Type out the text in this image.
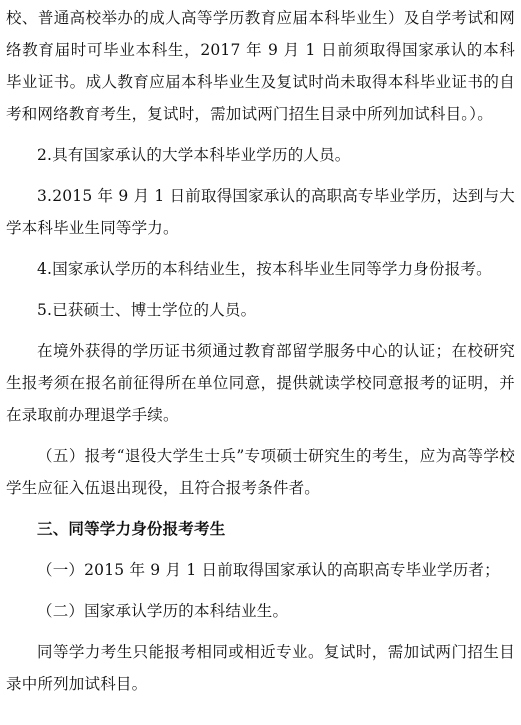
校、普通高校举办的成人高等学历教育应届本科毕业生）及自学考试和网络教育届时可毕业本科生，2017 年 9 月 1 日前须取得国家承认的本科毕业证书。成人教育应届本科毕业生及复试时尚未取得本科毕业证书的自考和网络教育考生，复试时，需加试两门招生目录中所列加试科目。）。

2.具有国家承认的大学本科毕业学历的人员。

3.2015 年 9 月 1 日前取得国家承认的高职高专毕业学历，达到与大学本科毕业生同等学力。

4.国家承认学历的本科结业生，按本科毕业生同等学力身份报考。

5.已获硕士、博士学位的人员。

在境外获得的学历证书须通过教育部留学服务中心的认证；在校研究生报考须在报名前征得所在单位同意，提供就读学校同意报考的证明，并在录取前办理退学手续。

（五）报考“退役大学生士兵”专项硕士研究生的考生，应为高等学校学生应征入伍退出现役，且符合报考条件者。

三、同等学力身份报考考生

（一）2015 年 9 月 1 日前取得国家承认的高职高专毕业学历者；

（二）国家承认学历的本科结业生。

同等学力考生只能报考相同或相近专业。复试时，需加试两门招生目录中所列加试科目。
